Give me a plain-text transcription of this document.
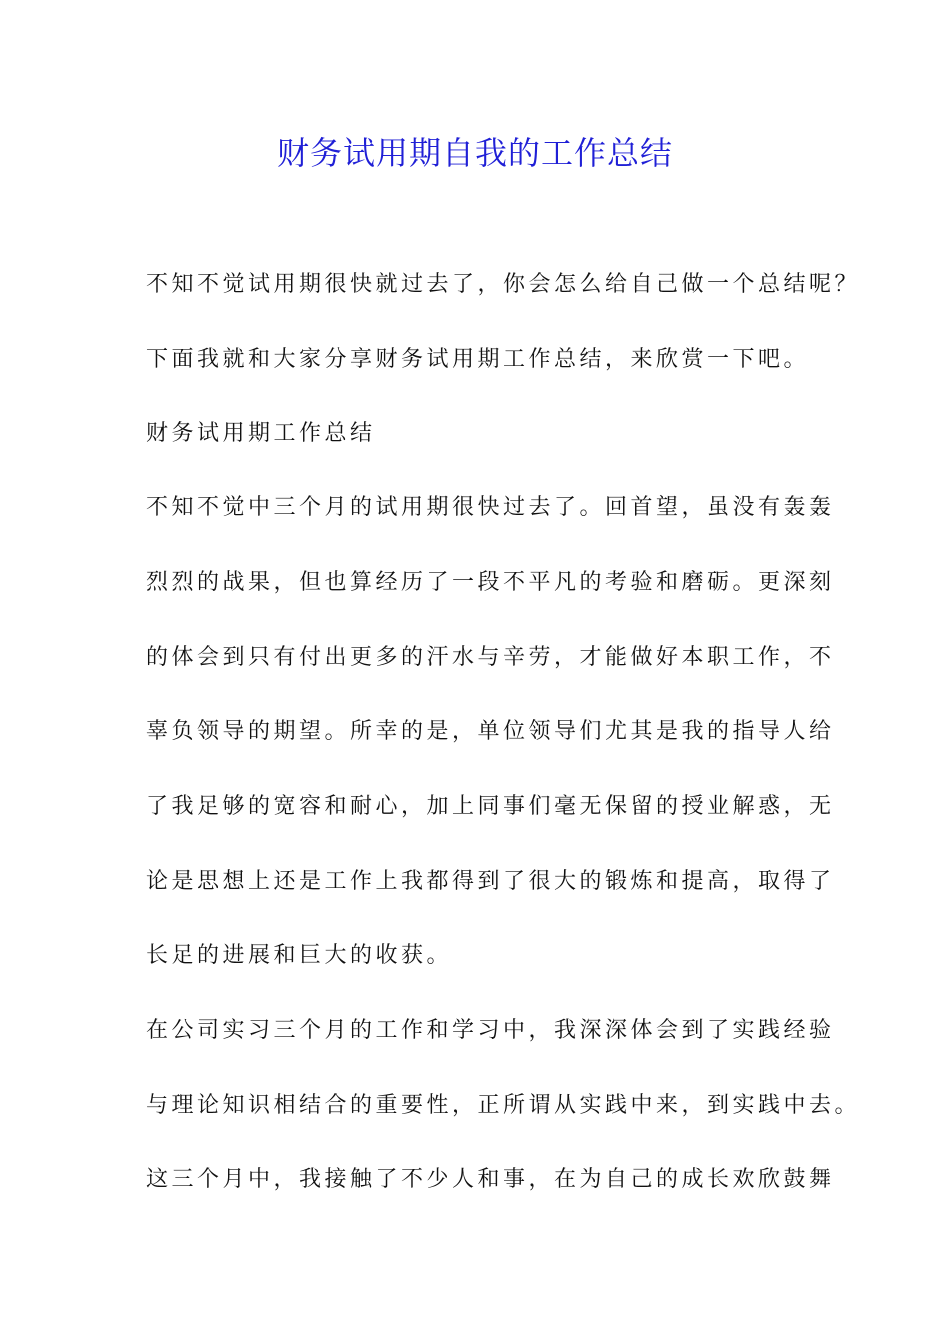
财务试用期自我的工作总结
不知不觉试用期很快就过去了，你会怎么给自己做一个总结呢？
下面我就和大家分享财务试用期工作总结，来欣赏一下吧。
财务试用期工作总结
不知不觉中三个月的试用期很快过去了。回首望，虽没有轰轰
烈烈的战果，但也算经历了一段不平凡的考验和磨砺。更深刻
的体会到只有付出更多的汗水与辛劳，才能做好本职工作，不
辜负领导的期望。所幸的是，单位领导们尤其是我的指导人给
了我足够的宽容和耐心，加上同事们毫无保留的授业解惑，无
论是思想上还是工作上我都得到了很大的锻炼和提高，取得了
长足的进展和巨大的收获。
在公司实习三个月的工作和学习中，我深深体会到了实践经验
与理论知识相结合的重要性，正所谓从实践中来，到实践中去。
这三个月中，我接触了不少人和事，在为自己的成长欢欣鼓舞
